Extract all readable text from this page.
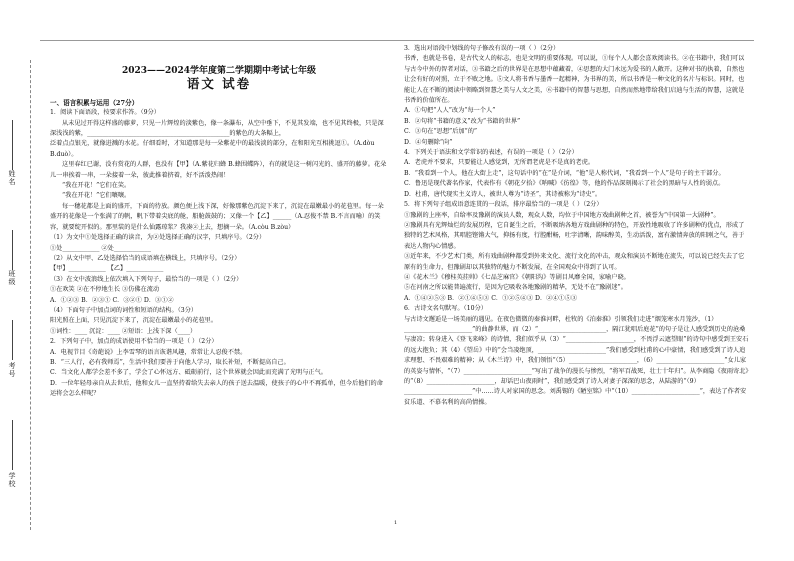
姓名
班级
考号
学校
2023——2024学年度第二学期期中考试七年级
语文 试卷

一、语言积累与运用（27分）

1．阅读下面语段，按要求作答。（9分）

从未见过开得这样盛的藤萝，只见一片辉煌的淡紫色，像一条瀑布，从空中垂下，不见其发端，也不见其终极，只是深深浅浅的紫，______________________________________________的紫色的大条幅上，

泛着点点银光，就像迸溅的水花。仔细看时，才知道那是每一朵紫花中的最浅淡的部分，在和阳光互相挑逗①。（A.dòu B.duò）。

这里春红已谢，没有赏花的人群，也没有【甲】（A.紫花归蜂 B.蜂围蝶阵），有的就是这一树闪光的、盛开的藤萝。花朵儿一串挨着一串，一朵接着一朵，彼此推着挤着，好不活泼热闹！

“我在开花！”它们在笑。

“我在开花！”它们嚷嚷。

每一穗花都是上面的盛开，下面的待放。颜色便上浅下深，好像那紫色沉淀下来了，沉淀在最嫩最小的花苞里。每一朵盛开的花像是一个张满了的帆，帆下带着尖底的舱，船舱鼓鼓的；又像一个【乙】______（A.忍俊不禁 B.不言而喻）的笑容，就要绽开似的。那里装的是什么仙露琼浆？我凑②上去，想摘一朵。（A.còu B.zòu）

（1）为文中①处选择正确的读音，为②处选择正确的汉字，只填序号。（2分）

①处____________ ②处____________

（2）从文中甲、乙处选择恰当的成语填在横线上，只填序号。（2分）

【甲】____________ 【乙】____________

（3）在文中波浪线上依次填入下列句子，最恰当的一项是（ ）（2分）

①在欢笑 ②在不停地生长 ③仿佛在流动

A．①②③ B．②③① C．③②① D．③①②

（4）下面句子中加点词的词性和短语的结构。（3分）

阳光照在上面，只见沉淀下来了，沉淀在最嫩最小的花苞里。

①词性：____ 沉淀：____ ②短语：上浅下深（____）

2．下列句子中，加点的成语使用不恰当的一项是（ ）（2分）

A．电视节目《奇葩说》上李雪琴的语言诙谐风趣，常常让人忍俊不禁。

B．“三人行，必有我师焉”，生活中我们要善于向他人学习，取长补短，不断提高自己。

C．当文化人都学会差不多了，学会了心怀远方、砥砺前行，这个世界就会因此而充满了光明与正气。

D．一位年轻母亲自从去世后，他和女儿一直坚持着给失去亲人的孩子送去温暖，使孩子的心中不再孤单，但今后他们的命运将会怎么样呢？

3．选出对语段中划线的句子修改有误的一项（ ）（2分）

书香，也就是书卷，是古代文人的标志，也是文明的重要体现。可以说，①每个人人都会喜欢阅读书。②在书籍中，我们可以与古今中外的智者对话，③书籍之后的世界是在思想中蕴藏着，④思想的大门永远为爱书的人敞开。这种对书的执着，自然也让会有好的对照，立于不败之地。⑤文人将书香与墨香一起精神，为书界的美，所以书香是一种文化的名片与标识。同时，也能让人在不断的阅读中领略到智慧之美与人文之美，⑥书籍中的智慧与思想，自然而然地带给我们启迪与生活的智慧，这就是书香的价值所在。

A．①句把“人人”改为“每一个人”

B．②句将“书籍的意义”改为“书籍的世界”

C．③句在“思想”后加“的”

D．④句删除“向”

4．下列关于语法和文学常识的表述，有误的一项是（ ）（2分）

A．老虎并不要求，只要能让人感觉到，无所谓老虎是不是真的老虎。

B．“我看到一个人，他在大街上走”，这句话中的“在”是介词，“他”是人称代词，“我看到一个人”是句子的主干部分。

C．鲁迅是现代著名作家，代表作有《朝花夕拾》《呐喊》《彷徨》等，他的作品深刻揭示了社会的黑暗与人性的弱点。

D．杜甫，唐代现实主义诗人，被世人尊为“诗圣”，其诗被称为“诗史”。

5．将下列句子组成语意连贯的一段话，排序最恰当的一项是（ ）（2分）

①豫剧的上座率，自给率及豫剧的演员人数，观众人数，均位于中国地方戏曲剧种之首，被誉为“中国第一大剧种”。

②豫剧具有光辉灿烂的发展历程，它自诞生之后，不断吸纳各地方戏曲剧种的特色，开放性地吸收了许多剧种的优点，形成了独特的艺术风格，其唱腔铿锵大气，抑扬有度，行腔酣畅，吐字清晰，韵味醇美，生动活泼，富有激情奔放的阳刚之气，善于表达人物内心情感。

③近年来，不少艺术门类，所有戏曲剧种都受到外来文化、流行文化的冲击，观众和演员不断地在流失，可以说已经失去了它原有的生命力，但豫剧却以其独特的魅力不断发展，在全国观众中得到了认可。

④《花木兰》《穆桂英挂帅》《七品芝麻官》《朝阳沟》等剧目风靡全国，家喻户晓。

⑤在河南之所以能普遍流行，是因为它吸收各地豫剧的精华，无处不在“豫剧迷”。

A．①④②⑤③ B．②①④⑤③ C．①②⑤④③ D．②④①⑤③

6．古诗文名句默写。（10分）

与古诗文邂逅是一场美丽的遇见。在夜色微微的秦淮河畔，杜牧的《泊秦淮》引领我们走进“烟笼寒水月笼沙，（1）______________________”的曲静世界，而（2）“______________________，隔江犹唱后庭花”的句子是让人感受到历史的沧桑与凄凉；转身进入《登飞来峰》的诗情，我们似乎从（3）“______________________，不畏浮云遮望眼”的诗句中感受到王安石的远大抱负；其（4）《望岳》中的“会当凌绝顶，______________________”我们感受到杜甫的心中豪情，我们感受到了诗人追求理想、不畏艰难的精神；从《木兰诗》中，我们领悟“（5）______________________，（6）______________________”女儿家的英姿与情怀，“（7）______________________”写出了战争的漫长与惨烈，“将军百战死，壮士十年归”。从李商隐《夜雨寄北》的“（8）______________________，却话巴山夜雨时”，我们感受到了诗人对妻子深深的思念，从陆游的“（9）______________________”中……诗人对家国的思念。刘禹锡的《陋室铭》中“（10）______________________”，表达了作者安贫乐道、不慕名利的高尚情操。

1
